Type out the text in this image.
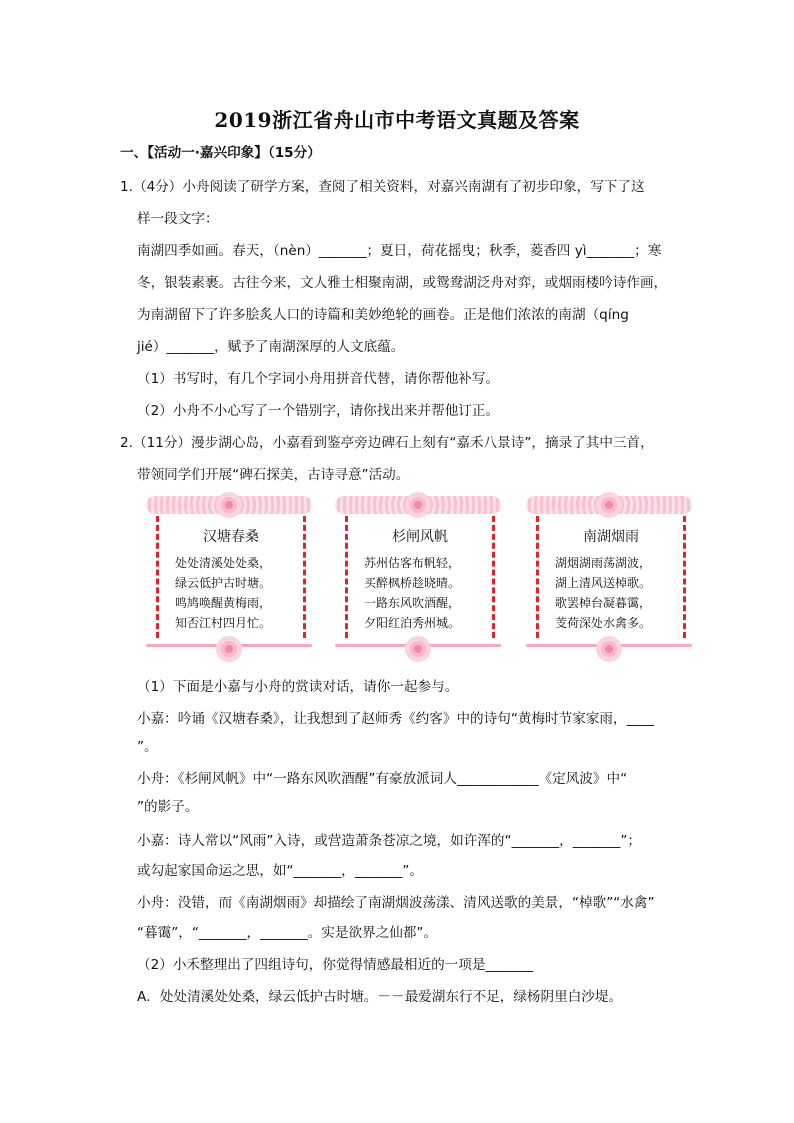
2019浙江省舟山市中考语文真题及答案
一、【活动一·嘉兴印象】（15分）
1.（4分）小舟阅读了研学方案，查阅了相关资料，对嘉兴南湖有了初步印象，写下了这
样一段文字：
南湖四季如画。春天，（nèn）_______；夏日，荷花摇曳；秋季，菱香四 yì_______；寒
冬，银装素裹。古往今来，文人雅士相聚南湖，或鸳鸯湖泛舟对弈，或烟雨楼吟诗作画，
为南湖留下了许多脍炙人口的诗篇和美妙绝轮的画卷。正是他们浓浓的南湖（qíng
jié）_______，赋予了南湖深厚的人文底蕴。
（1）书写时，有几个字词小舟用拼音代替，请你帮他补写。
（2）小舟不小心写了一个错别字，请你找出来并帮他订正。
2.（11分）漫步湖心岛，小嘉看到鉴亭旁边碑石上刻有“嘉禾八景诗”，摘录了其中三首，
带领同学们开展“碑石探美，古诗寻意”活动。
汉塘春桑
处处清溪处处桑，
绿云低护古时塘。
鸣鸠唤醒黄梅雨，
知否江村四月忙。
杉闸风帆
苏州估客布帆轻，
买醉枫桥趁晓晴。
一路东风吹酒醒，
夕阳红泊秀州城。
南湖烟雨
湖烟湖雨荡湖波，
湖上清风送棹歌。
歌罢棹台凝暮霭，
芰荷深处水禽多。
（1）下面是小嘉与小舟的赏读对话，请你一起参与。
小嘉：吟诵《汉塘春桑》，让我想到了赵师秀《约客》中的诗句“黄梅时节家家雨，____
”。
小舟：《杉闸风帆》中“一路东风吹酒醒”有豪放派词人____________《定风波》中“
”的影子。
小嘉：诗人常以“风雨”入诗，或营造萧条苍凉之境，如许浑的“_______，_______”；
或勾起家国命运之思，如“_______，_______”。
小舟：没错，而《南湖烟雨》却描绘了南湖烟波荡漾、清风送歌的美景，“棹歌”“水禽”
“暮霭”，“_______，_______。实是欲界之仙都”。
（2）小禾整理出了四组诗句，你觉得情感最相近的一项是_______
A．处处清溪处处桑，绿云低护古时塘。－－最爱湖东行不足，绿杨阴里白沙堤。
